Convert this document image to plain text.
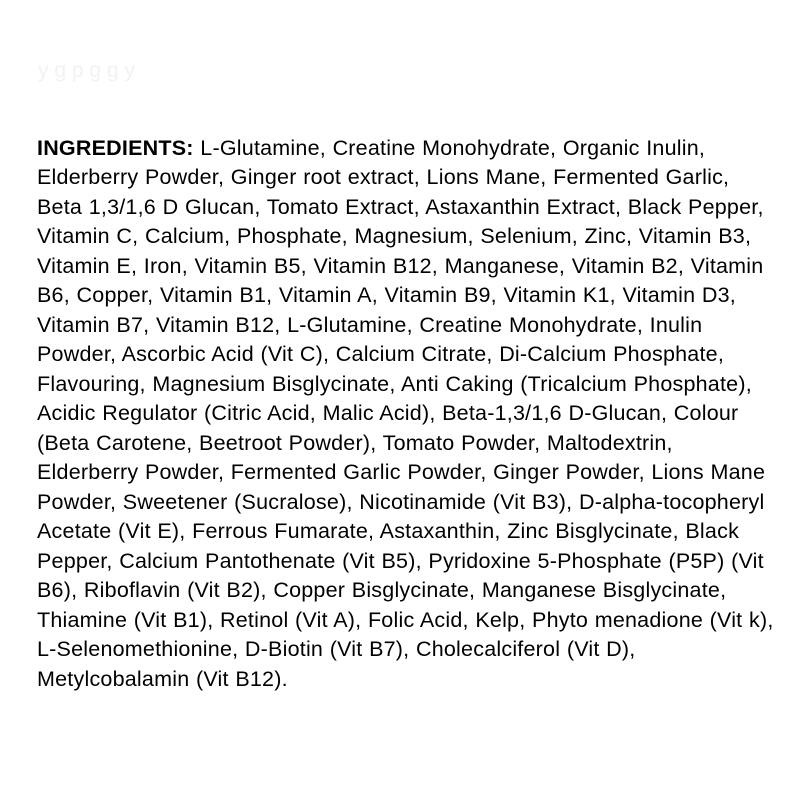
y g p g g y

INGREDIENTS: L-Glutamine, Creatine Monohydrate, Organic Inulin, Elderberry Powder, Ginger root extract, Lions Mane, Fermented Garlic, Beta 1,3/1,6 D Glucan, Tomato Extract, Astaxanthin Extract, Black Pepper, Vitamin C, Calcium, Phosphate, Magnesium, Selenium, Zinc, Vitamin B3, Vitamin E, Iron, Vitamin B5, Vitamin B12, Manganese, Vitamin B2, Vitamin B6, Copper, Vitamin B1, Vitamin A, Vitamin B9, Vitamin K1, Vitamin D3, Vitamin B7, Vitamin B12, L-Glutamine, Creatine Monohydrate, Inulin Powder, Ascorbic Acid (Vit C), Calcium Citrate, Di-Calcium Phosphate, Flavouring, Magnesium Bisglycinate, Anti Caking (Tricalcium Phosphate), Acidic Regulator (Citric Acid, Malic Acid), Beta-1,3/1,6 D-Glucan, Colour (Beta Carotene, Beetroot Powder), Tomato Powder, Maltodextrin, Elderberry Powder, Fermented Garlic Powder, Ginger Powder, Lions Mane Powder, Sweetener (Sucralose), Nicotinamide (Vit B3), D-alpha-tocopheryl Acetate (Vit E), Ferrous Fumarate, Astaxanthin, Zinc Bisglycinate, Black Pepper, Calcium Pantothenate (Vit B5), Pyridoxine 5-Phosphate (P5P) (Vit B6), Riboflavin (Vit B2), Copper Bisglycinate, Manganese Bisglycinate, Thiamine (Vit B1), Retinol (Vit A), Folic Acid, Kelp, Phyto menadione (Vit k), L-Selenomethionine, D-Biotin (Vit B7), Cholecalciferol (Vit D), Metylcobalamin (Vit B12).
